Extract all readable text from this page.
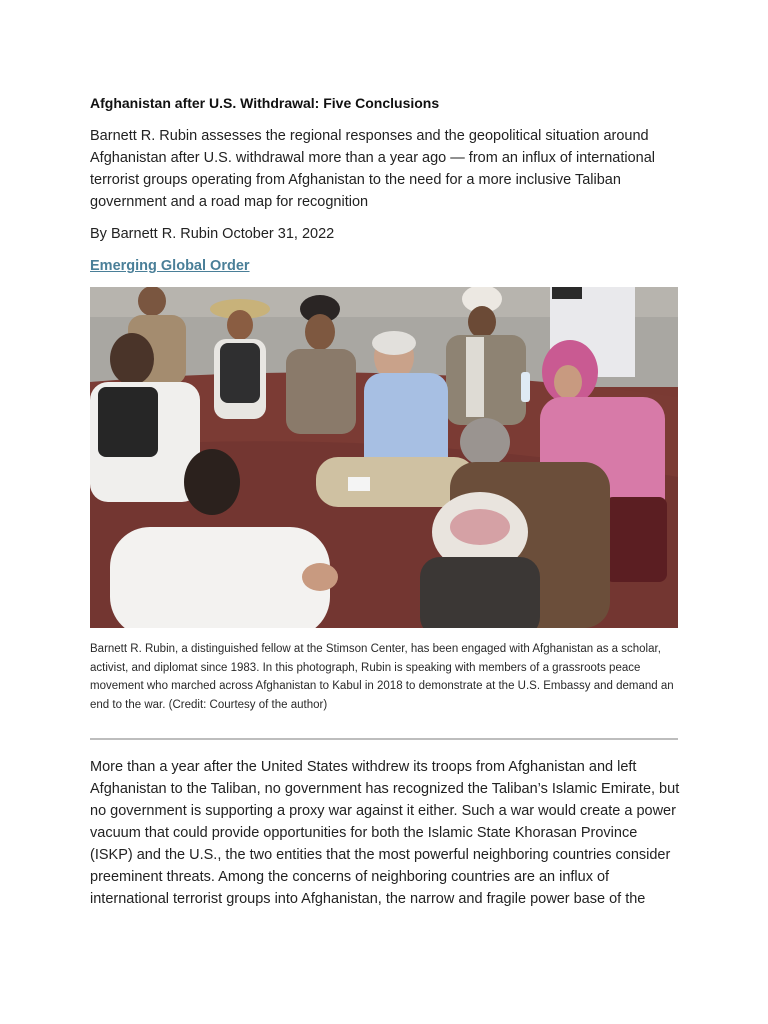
Afghanistan after U.S. Withdrawal: Five Conclusions

Barnett R. Rubin assesses the regional responses and the geopolitical situation around Afghanistan after U.S. withdrawal more than a year ago — from an influx of international terrorist groups operating from Afghanistan to the need for a more inclusive Taliban government and a road map for recognition

By Barnett R. Rubin October 31, 2022

Emerging Global Order

Barnett R. Rubin, a distinguished fellow at the Stimson Center, has been engaged with Afghanistan as a scholar, activist, and diplomat since 1983. In this photograph, Rubin is speaking with members of a grassroots peace movement who marched across Afghanistan to Kabul in 2018 to demonstrate at the U.S. Embassy and demand an end to the war. (Credit: Courtesy of the author)

More than a year after the United States withdrew its troops from Afghanistan and left Afghanistan to the Taliban, no government has recognized the Taliban’s Islamic Emirate, but no government is supporting a proxy war against it either. Such a war would create a power vacuum that could provide opportunities for both the Islamic State Khorasan Province (ISKP) and the U.S., the two entities that the most powerful neighboring countries consider preeminent threats. Among the concerns of neighboring countries are an influx of international terrorist groups into Afghanistan, the narrow and fragile power base of the
